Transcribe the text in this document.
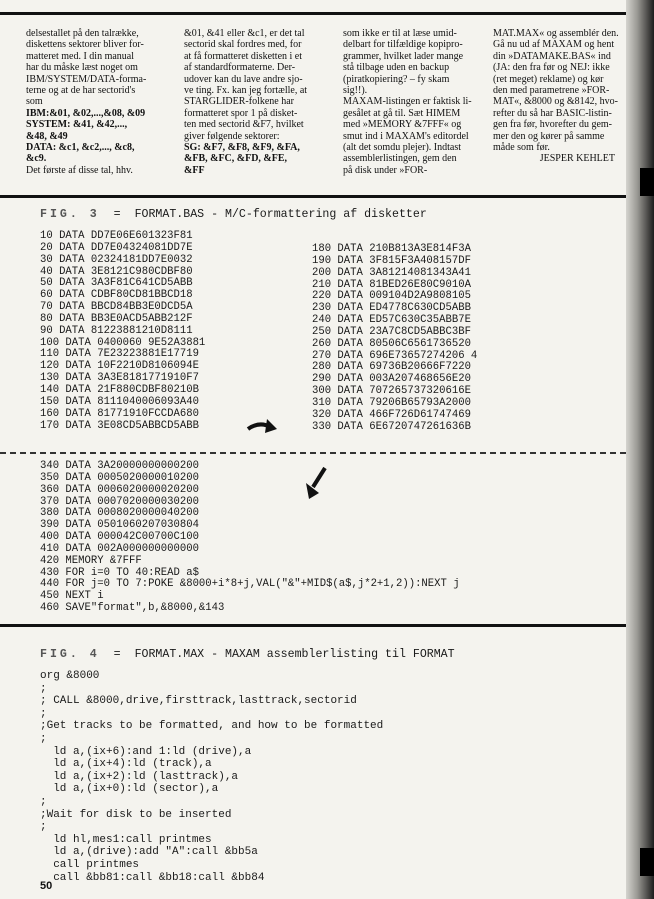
delsestallet på den talrække,

diskettens sektorer bliver for-

matteret med. I din manual

har du måske læst noget om

IBM/SYSTEM/DATA-forma-

terne og at de har sectorid's

som

IBM:&01, &02,...,&08, &09

SYSTEM: &41, &42,...,

&48, &49

DATA: &c1, &c2,..., &c8,

&c9.

Det første af disse tal, hhv.

&01, &41 eller &c1, er det tal

sectorid skal fordres med, for

at få formatteret disketten i et

af standardformaterne. Der-

udover kan du lave andre sjo-

ve ting. Fx. kan jeg fortælle, at

STARGLIDER-folkene har

formatteret spor 1 på disket-

ten med sectorid &F7, hvilket

giver følgende sektorer:

SG: &F7, &F8, &F9, &FA,

&FB, &FC, &FD, &FE,

&FF

som ikke er til at læse umid-

delbart for tilfældige kopipro-

grammer, hvilket lader mange

stå tilbage uden en backup

(piratkopiering? – fy skam

sig!!).

MAXAM-listingen er faktisk li-

gesålet at gå til. Sæt HIMEM

med »MEMORY &7FFF« og

smut ind i MAXAM's editordel

(alt det somdu plejer). Indtast

assemblerlistingen, gem den

på disk under »FOR-

MAT.MAX« og assemblér den.

Gå nu ud af MAXAM og hent

din »DATAMAKE.BAS« ind

(JA: den fra før og NEJ: ikke

(ret meget) reklame) og kør

den med parametrene »FOR-

MAT«, &8000 og &8142, hvo-

refter du så har BASIC-listin-

gen fra før, hvorefter du gem-

mer den og kører på samme

måde som før.

JESPER KEHLET

FIG. 3  =  FORMAT.BAS - M/C-formattering af disketter
10 DATA DD7E06E601323F81
20 DATA DD7E04324081DD7E
30 DATA 02324181DD7E0032
40 DATA 3E8121C980CDBF80
50 DATA 3A3F81C641CD5ABB
60 DATA CDBF80CD81BBCD18
70 DATA BBCD84BB3E0DCD5A
80 DATA BB3E0ACD5ABB212F
90 DATA 81223881210D8111
100 DATA 0400060 9E52A3881
110 DATA 7E23223881E17719
120 DATA 10F2210D8106094E
130 DATA 3A3E8181771910F7
140 DATA 21F880CDBF80210B
150 DATA 8111040006093A40
160 DATA 81771910FCCDA680
170 DATA 3E08CD5ABBCD5ABB
180 DATA 210B813A3E814F3A
190 DATA 3F815F3A408157DF
200 DATA 3A81214081343A41
210 DATA 81BED26E80C9010A
220 DATA 009104D2A9808105
230 DATA ED4778C630CD5ABB
240 DATA ED57C630C35ABB7E
250 DATA 23A7C8CD5ABBC3BF
260 DATA 80506C6561736520
270 DATA 696E73657274206 4
280 DATA 69736B20666F7220
290 DATA 003A207468656E20
300 DATA 707265737320616E
310 DATA 79206B65793A2000
320 DATA 466F726D61747469
330 DATA 6E6720747261636B
340 DATA 3A20000000000200
350 DATA 0005020000010200
360 DATA 0006020000020200
370 DATA 0007020000030200
380 DATA 0008020000040200
390 DATA 0501060207030804
400 DATA 000042C00700C100
410 DATA 002A000000000000
420 MEMORY &7FFF
430 FOR i=0 TO 40:READ a$
440 FOR j=0 TO 7:POKE &8000+i*8+j,VAL("&"+MID$(a$,j*2+1,2)):NEXT j
450 NEXT i
460 SAVE"format",b,&8000,&143
FIG. 4  =  FORMAT.MAX - MAXAM assemblerlisting til FORMAT
org &8000
;
; CALL &8000,drive,firsttrack,lasttrack,sectorid
;
;Get tracks to be formatted, and how to be formatted
;
ld a,(ix+6):and 1:ld (drive),a
ld a,(ix+4):ld (track),a
ld a,(ix+2):ld (lasttrack),a
ld a,(ix+0):ld (sector),a
;
;Wait for disk to be inserted
;
ld hl,mes1:call printmes
ld a,(drive):add "A":call &bb5a
call printmes
call &bb81:call &bb18:call &bb84
50
